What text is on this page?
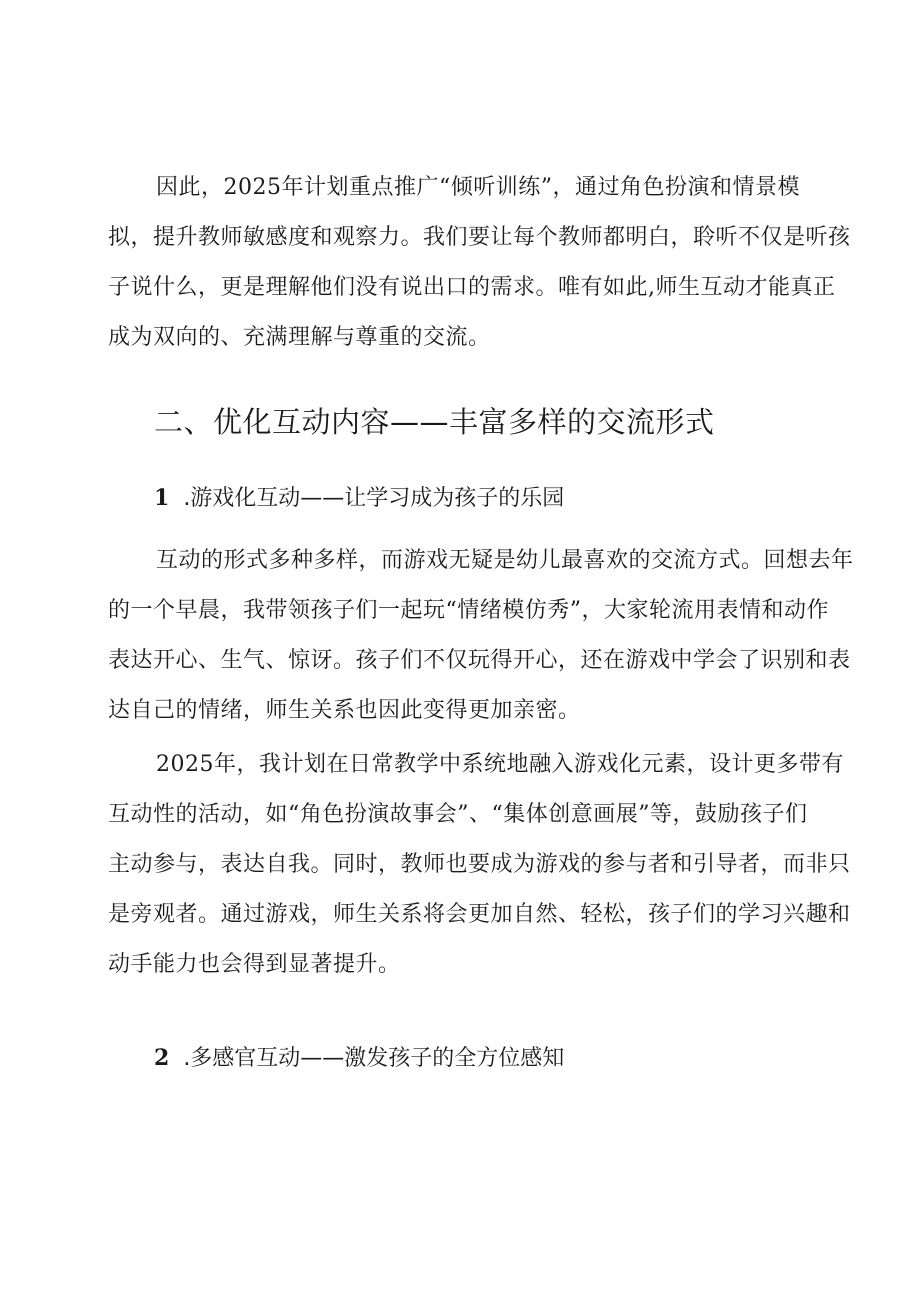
因此，2025年计划重点推广“倾听训练”，通过角色扮演和情景模
拟，提升教师敏感度和观察力。我们要让每个教师都明白，聆听不仅是听孩
子说什么，更是理解他们没有说出口的需求。唯有如此,师生互动才能真正
成为双向的、充满理解与尊重的交流。

二、优化互动内容——丰富多样的交流形式
1 .游戏化互动——让学习成为孩子的乐园

互动的形式多种多样，而游戏无疑是幼儿最喜欢的交流方式。回想去年
的一个早晨，我带领孩子们一起玩“情绪模仿秀”，大家轮流用表情和动作
表达开心、生气、惊讶。孩子们不仅玩得开心，还在游戏中学会了识别和表
达自己的情绪，师生关系也因此变得更加亲密。

2025年，我计划在日常教学中系统地融入游戏化元素，设计更多带有
互动性的活动，如“角色扮演故事会”、“集体创意画展”等，鼓励孩子们
主动参与，表达自我。同时，教师也要成为游戏的参与者和引导者，而非只
是旁观者。通过游戏，师生关系将会更加自然、轻松，孩子们的学习兴趣和
动手能力也会得到显著提升。

2 .多感官互动——激发孩子的全方位感知
